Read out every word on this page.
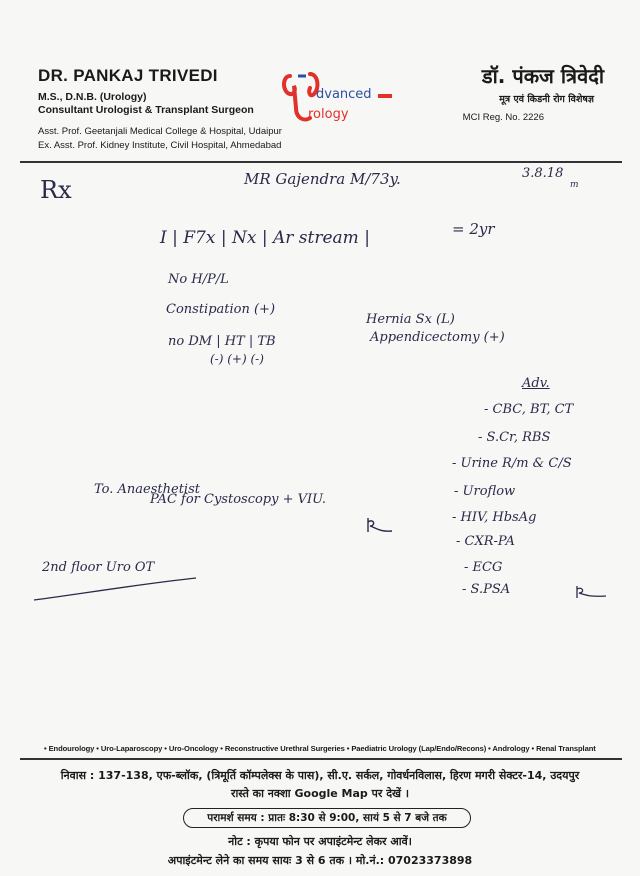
DR. PANKAJ TRIVEDI
M.S., D.N.B. (Urology)
Consultant Urologist & Transplant Surgeon
Asst. Prof. Geetanjali Medical College & Hospital, Udaipur
Ex. Asst. Prof. Kidney Institute, Civil Hospital, Ahmedabad
dvanced
rology
डॉ. पंकज त्रिवेदी
मूत्र एवं किडनी रोग विशेषज्ञ
MCI Reg. No. 2226
Rx	MR Gajendra M/73y.	3.8.18
m
I | F7x | Nx | Ar stream |	= 2yr
No H/P/L
Constipation (+)
no DM | HT | TB
(-) (+) (-)
Hernia Sx (L)
Appendicectomy (+)
Adv.
- CBC, BT, CT
- S.Cr, RBS
- Urine R/m & C/S
- Uroflow
- HIV, HbsAg
- CXR-PA
- ECG
- S.PSA
To. Anaesthetist
PAC for Cystoscopy + VIU.
2nd floor Uro OT
• Endourology • Uro-Laparoscopy • Uro-Oncology • Reconstructive Urethral Surgeries • Paediatric Urology (Lap/Endo/Recons) • Andrology • Renal Transplant
निवास : 137-138, एफ-ब्लॉक, (त्रिमूर्ति कॉम्पलेक्स के पास), सी.ए. सर्कल, गोवर्धनविलास, हिरण मगरी सेक्टर-14, उदयपुर
रास्ते का नक्शा Google Map पर देखें ।
परामर्श समय : प्रातः 8:30 से 9:00, सायं 5 से 7 बजे तक
नोट : कृपया फोन पर अपाइंटमेन्ट लेकर आवें।
अपाइंटमेन्ट लेने का समय सायः 3 से 6 तक । मो.नं.: 07023373898
